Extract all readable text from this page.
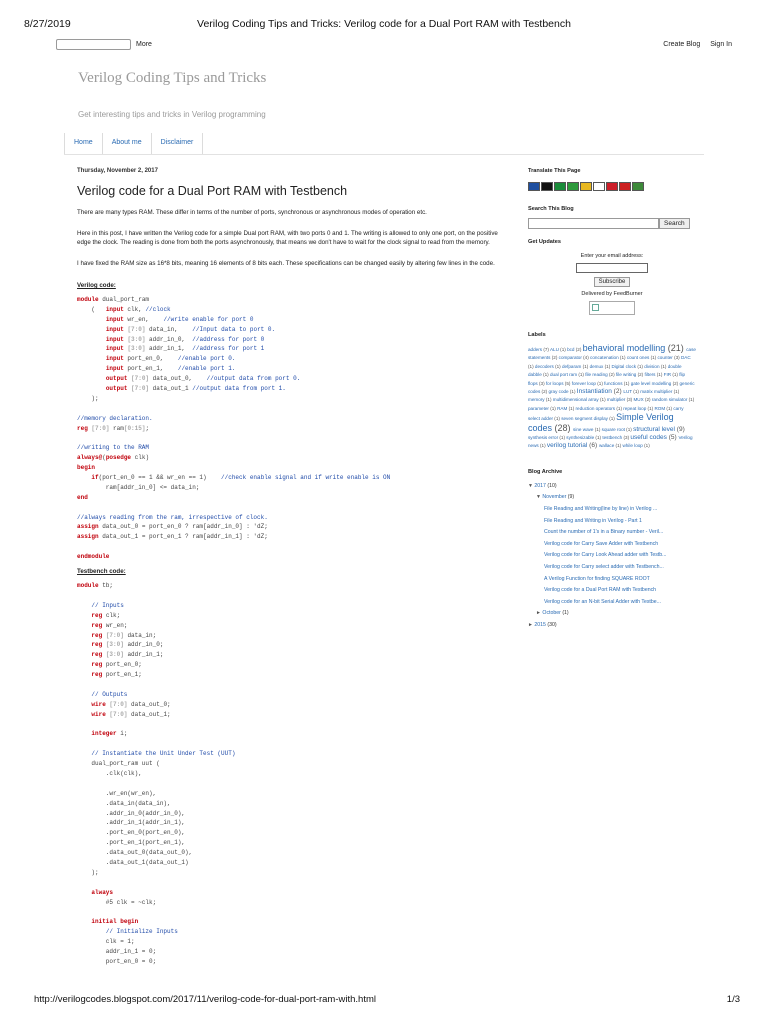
8/27/2019	Verilog Coding Tips and Tricks: Verilog code for a Dual Port RAM with Testbench
More	Create Blog Sign In
Verilog Coding Tips and Tricks
Get interesting tips and tricks in Verilog programming
Home	About me	Disclaimer
Thursday, November 2, 2017
Verilog code for a Dual Port RAM with Testbench
There are many types RAM. These differ in terms of the number of ports, synchronous or asynchronous modes of operation etc.
Here in this post, I have written the Verilog code for a simple Dual port RAM, with two ports 0 and 1. The writing is allowed to only one port, on the positive edge the clock. The reading is done from both the ports asynchronously, that means we don't have to wait for the clock signal to read from the memory.
I have fixed the RAM size as 16*8 bits, meaning 16 elements of 8 bits each. These specifications can be changed easily by altering few lines in the code.
Verilog code:
module dual_port_ram
(   input clk, //clock
input wr_en,    //write enable for port 0
input [7:0] data_in,    //Input data to port 0.
input [3:0] addr_in_0,  //address for port 0
input [3:0] addr_in_1,  //address for port 1
input port_en_0,    //enable port 0.
input port_en_1,    //enable port 1.
output [7:0] data_out_0,    //output data from port 0.
output [7:0] data_out_1 //output data from port 1.
);

//memory declaration.
reg [7:0] ram[0:15];

//writing to the RAM
always@(posedge clk)
begin
if(port_en_0 == 1 && wr_en == 1)    //check enable signal and if write enable is ON
ram[addr_in_0] <= data_in;
end

//always reading from the ram, irrespective of clock.
assign data_out_0 = port_en_0 ? ram[addr_in_0] : 'dZ;
assign data_out_1 = port_en_1 ? ram[addr_in_1] : 'dZ;

endmodule
Testbench code:
module tb;

// Inputs
reg clk;
reg wr_en;
reg [7:0] data_in;
reg [3:0] addr_in_0;
reg [3:0] addr_in_1;
reg port_en_0;
reg port_en_1;

// Outputs
wire [7:0] data_out_0;
wire [7:0] data_out_1;

integer i;

// Instantiate the Unit Under Test (UUT)
dual_port_ram uut (
.clk(clk),

.wr_en(wr_en),
.data_in(data_in),
.addr_in_0(addr_in_0),
.addr_in_1(addr_in_1),
.port_en_0(port_en_0),
.port_en_1(port_en_1),
.data_out_0(data_out_0),
.data_out_1(data_out_1)
);

always
#5 clk = ~clk;

initial begin
// Initialize Inputs
clk = 1;
addr_in_1 = 0;
port_en_0 = 0;
Translate This Page
Search This Blog
Search
Get Updates
Enter your email address:
Subscribe
Delivered by FeedBurner
Labels
adders (7) ALU (1) bcd (2) behavioral modelling (21) case statements (2) comparator (4) concatenation (1) count ones (1) counter (3) DAC (1) decoders (1) defparam (1) demux (1) Digital clock (1) division (1) double dabble (1) dual port ram (1) file reading (2) file writing (2) filters (1) FIR (1) flip flops (3) for loops (5) forever loop (1) functions (1) gate level modelling (2) generic codes (2) gray code (1) Instantiation (2) LUT (1) matrix multiplier (1) memory (1) multidimensional array (1) multiplier (3) MUX (2) random simulator (1) parameter (1) RAM (1) reduction operators (1) repeat loop (1) ROM (1) carry select adder (1) seven segment display (1) Simple Verilog codes (28) sine wave (1) square root (1) structural level (9) synthesis error (1) synthesizable (1) testbench (3) useful codes (5) Verilog news (1) verilog tutorial (6) wallace (1) while loop (1)
Blog Archive
▼ 2017 (10)
▼ November (9)
File Reading and Writing(line by line) in Verilog ...
File Reading and Writing in Verilog - Part 1
Count the number of 1's in a Binary number - Veril...
Verilog code for Carry Save Adder with Testbench
Verilog code for Carry Look Ahead adder with Testb...
Verilog code for Carry select adder with Testbench...
A Verilog Function for finding SQUARE ROOT
Verilog code for a Dual Port RAM with Testbench
Verilog code for an N-bit Serial Adder with Testbe...
► October (1)
► 2015 (30)
http://verilogcodes.blogspot.com/2017/11/verilog-code-for-dual-port-ram-with.html	1/3
